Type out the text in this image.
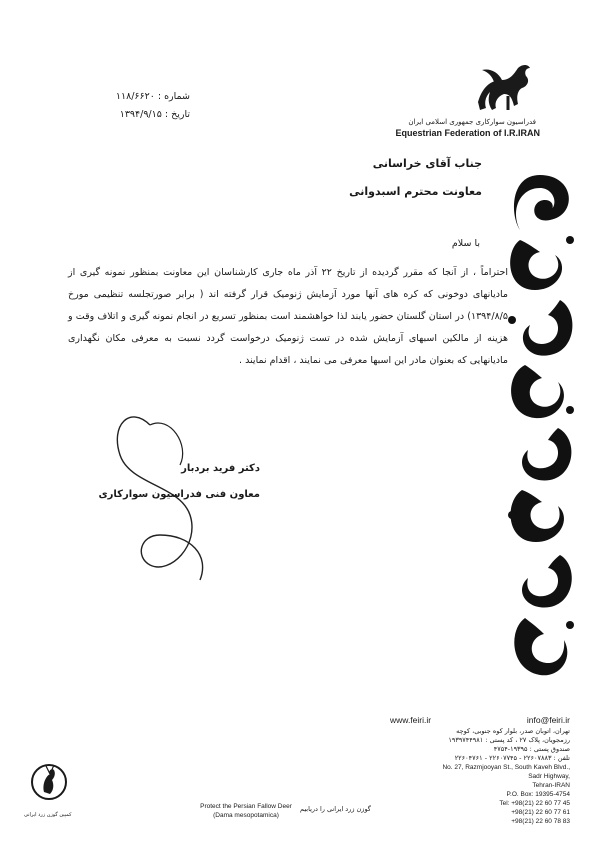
فدراسیون سوارکاری جمهوری اسلامی ایران
Equestrian Federation of I.R.IRAN
شماره : ۱۱۸/۶۶۲۰
تاریخ : ۱۳۹۴/۹/۱۵
جناب آقای خراسانی
معاونت محترم اسبدوانی
با سلام
احتراماً ، از آنجا که مقرر گردیده از تاریخ ۲۲ آذر ماه جاری کارشناسان این معاونت بمنظور نمونه گیری از مادیانهای دوخونی که کره های آنها مورد آزمایش ژنومیک قرار گرفته اند ( برابر صورتجلسه تنظیمی مورخ ۱۳۹۴/۸/۵) در استان گلستان حضور یابند لذا خواهشمند است بمنظور تسریع در انجام نمونه گیری و اتلاف وقت و هزینه از مالکین اسبهای آزمایش شده در تست ژنومیک درخواست گردد نسبت به معرفی مکان نگهداری مادیانهایی که بعنوان مادر این اسبها معرفی می نمایند ، اقدام نمایند .
دکتر فرید بردبار
معاون فنی فدراسیون سوارکاری
www.feiri.ir	info@feiri.ir
تهران، اتوبان صدر، بلوار کوه جنوبی، کوچه
رزمجویان، پلاک ۲۷ ، کد پستی : ۱۹۳۹۷۴۴۹۸۱
صندوق پستی : ۱۹۳۹۵-۴۷۵۴
تلفن : ۲۲۶۰۷۸۸۳ - ۲۲۶۰۷۷۴۵ - ۲۲۶۰۴۷۶۱
No. 27, Razmjooyan St., South Kaveh Blvd.,
Sadr Highway,
Tehran-IRAN
P.O. Box: 19395-4754
Tel: +98(21) 22 60 77 45
+98(21) 22 60 77 61
+98(21) 22 60 78 83
کمپین گوزن زرد ایرانی
Protect the Persian Fallow Deer
(Dama mesopotamica)
گوزن زرد ایرانی را دریابیم
